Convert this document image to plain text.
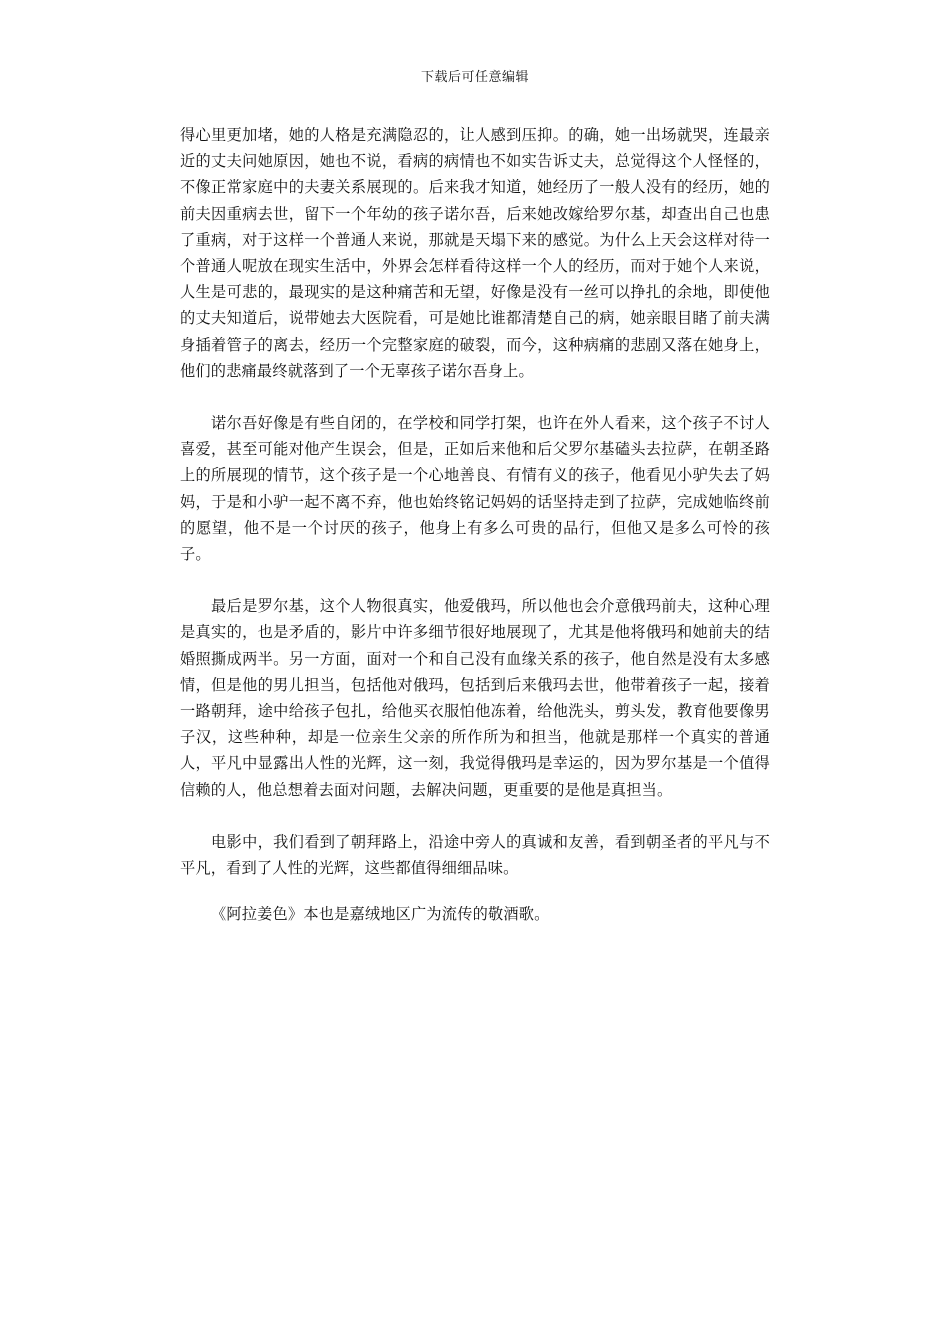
下载后可任意编辑

得心里更加堵，她的人格是充满隐忍的，让人感到压抑。的确，她一出场就哭，连最亲近的丈夫问她原因，她也不说，看病的病情也不如实告诉丈夫，总觉得这个人怪怪的，不像正常家庭中的夫妻关系展现的。后来我才知道，她经历了一般人没有的经历，她的前夫因重病去世，留下一个年幼的孩子诺尔吾，后来她改嫁给罗尔基，却查出自己也患了重病，对于这样一个普通人来说，那就是天塌下来的感觉。为什么上天会这样对待一个普通人呢放在现实生活中，外界会怎样看待这样一个人的经历，而对于她个人来说，人生是可悲的，最现实的是这种痛苦和无望，好像是没有一丝可以挣扎的余地，即使他的丈夫知道后，说带她去大医院看，可是她比谁都清楚自己的病，她亲眼目睹了前夫满身插着管子的离去，经历一个完整家庭的破裂，而今，这种病痛的悲剧又落在她身上，他们的悲痛最终就落到了一个无辜孩子诺尔吾身上。

诺尔吾好像是有些自闭的，在学校和同学打架，也许在外人看来，这个孩子不讨人喜爱，甚至可能对他产生误会，但是，正如后来他和后父罗尔基磕头去拉萨，在朝圣路上的所展现的情节，这个孩子是一个心地善良、有情有义的孩子，他看见小驴失去了妈妈，于是和小驴一起不离不弃，他也始终铭记妈妈的话坚持走到了拉萨，完成她临终前的愿望，他不是一个讨厌的孩子，他身上有多么可贵的品行，但他又是多么可怜的孩子。

最后是罗尔基，这个人物很真实，他爱俄玛，所以他也会介意俄玛前夫，这种心理是真实的，也是矛盾的，影片中许多细节很好地展现了，尤其是他将俄玛和她前夫的结婚照撕成两半。另一方面，面对一个和自己没有血缘关系的孩子，他自然是没有太多感情，但是他的男儿担当，包括他对俄玛，包括到后来俄玛去世，他带着孩子一起，接着一路朝拜，途中给孩子包扎，给他买衣服怕他冻着，给他洗头，剪头发，教育他要像男子汉，这些种种，却是一位亲生父亲的所作所为和担当，他就是那样一个真实的普通人，平凡中显露出人性的光辉，这一刻，我觉得俄玛是幸运的，因为罗尔基是一个值得信赖的人，他总想着去面对问题，去解决问题，更重要的是他是真担当。

电影中，我们看到了朝拜路上，沿途中旁人的真诚和友善，看到朝圣者的平凡与不平凡，看到了人性的光辉，这些都值得细细品味。

《阿拉姜色》本也是嘉绒地区广为流传的敬酒歌。
